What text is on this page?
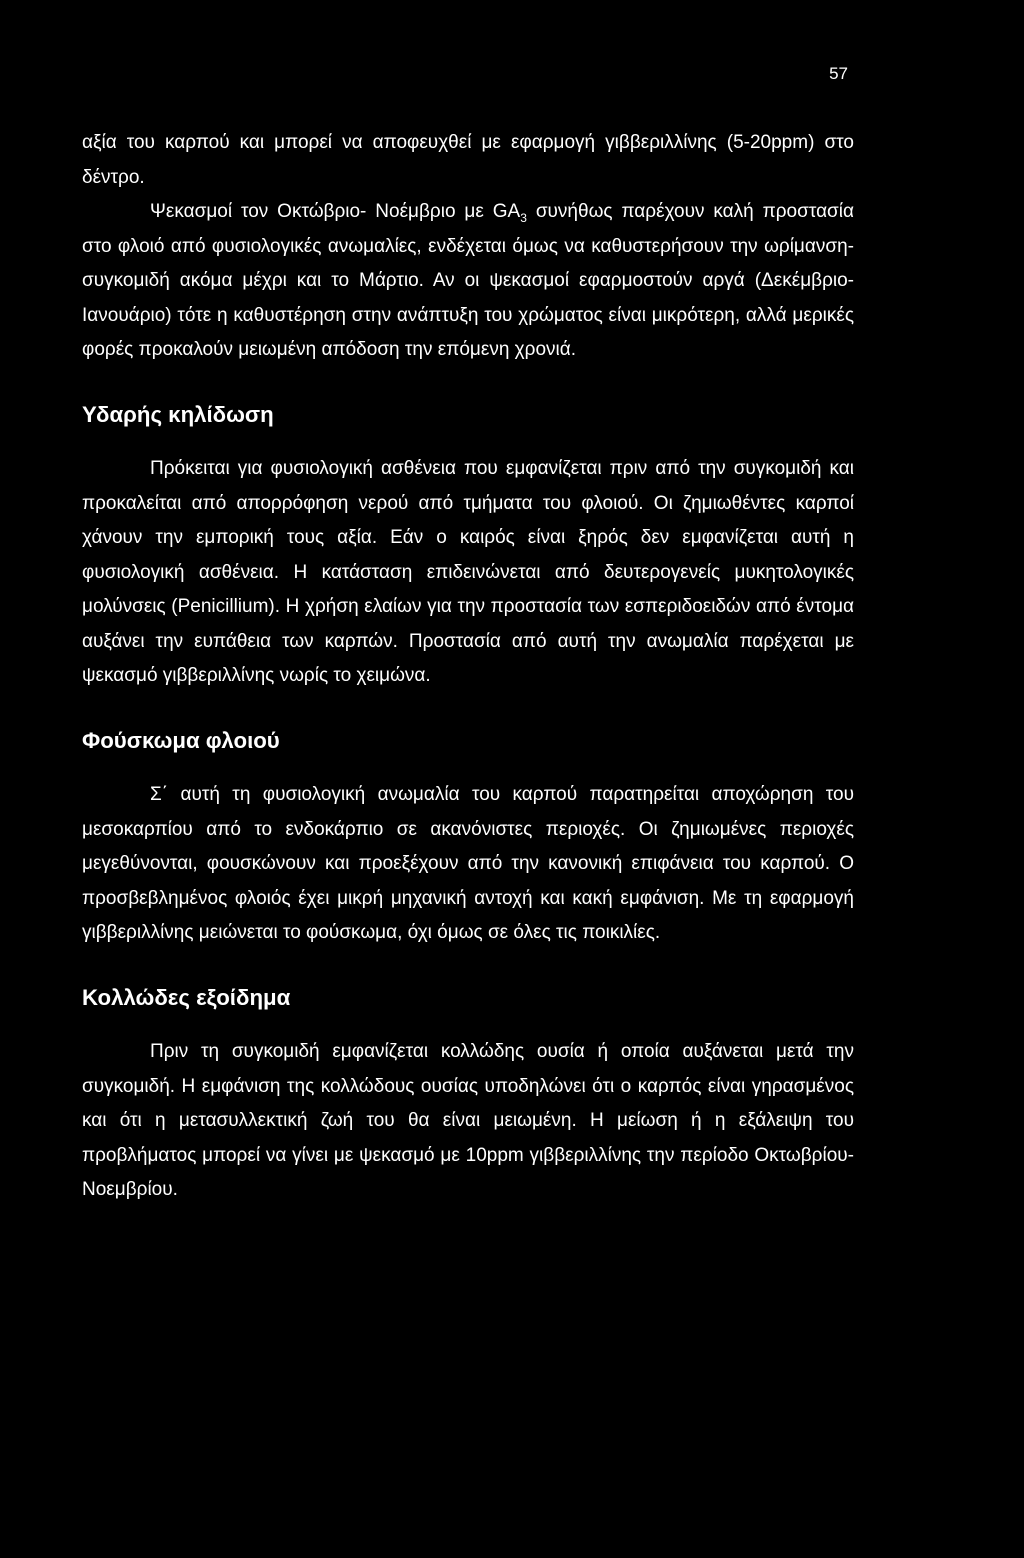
57

αξία του καρπού και μπορεί να αποφευχθεί με εφαρμογή γιββεριλλίνης (5-20ppm) στο δέντρο.

Ψεκασμοί τον Οκτώβριο- Νοέμβριο με $GA_3$ συνήθως παρέχουν καλή προστασία στο φλοιό από φυσιολογικές ανωμαλίες, ενδέχεται όμως να καθυστερήσουν την ωρίμανση- συγκομιδή ακόμα μέχρι και το Μάρτιο. Αν οι ψεκασμοί εφαρμοστούν αργά (Δεκέμβριο- Ιανουάριο) τότε η καθυστέρηση στην ανάπτυξη του χρώματος είναι μικρότερη, αλλά μερικές φορές προκαλούν μειωμένη απόδοση την επόμενη χρονιά.

Υδαρής κηλίδωση

Πρόκειται για φυσιολογική ασθένεια που εμφανίζεται πριν από την συγκομιδή και προκαλείται από απορρόφηση νερού από τμήματα του φλοιού. Οι ζημιωθέντες καρποί χάνουν την εμπορική τους αξία. Εάν ο καιρός είναι ξηρός δεν εμφανίζεται αυτή η φυσιολογική ασθένεια. Η κατάσταση επιδεινώνεται από δευτερογενείς μυκητολογικές μολύνσεις (Penicillium). Η χρήση ελαίων για την προστασία των εσπεριδοειδών από έντομα αυξάνει την ευπάθεια των καρπών. Προστασία από αυτή την ανωμαλία παρέχεται με ψεκασμό γιββεριλλίνης νωρίς το χειμώνα.

Φούσκωμα φλοιού

Σ΄ αυτή τη φυσιολογική ανωμαλία του καρπού παρατηρείται αποχώρηση του μεσοκαρπίου από το ενδοκάρπιο σε ακανόνιστες περιοχές. Οι ζημιωμένες περιοχές μεγεθύνονται, φουσκώνουν και προεξέχουν από την κανονική επιφάνεια του καρπού. Ο προσβεβλημένος φλοιός έχει μικρή μηχανική αντοχή και κακή εμφάνιση. Με τη εφαρμογή γιββεριλλίνης μειώνεται το φούσκωμα, όχι όμως σε όλες τις ποικιλίες.

Κολλώδες εξοίδημα

Πριν τη συγκομιδή εμφανίζεται κολλώδης ουσία ή οποία αυξάνεται μετά την συγκομιδή. Η εμφάνιση της κολλώδους ουσίας υποδηλώνει ότι ο καρπός είναι γηρασμένος και ότι η μετασυλλεκτική ζωή του θα είναι μειωμένη. Η μείωση ή η εξάλειψη του προβλήματος μπορεί να γίνει με ψεκασμό με 10ppm γιββεριλλίνης την περίοδο Οκτωβρίου- Νοεμβρίου.
